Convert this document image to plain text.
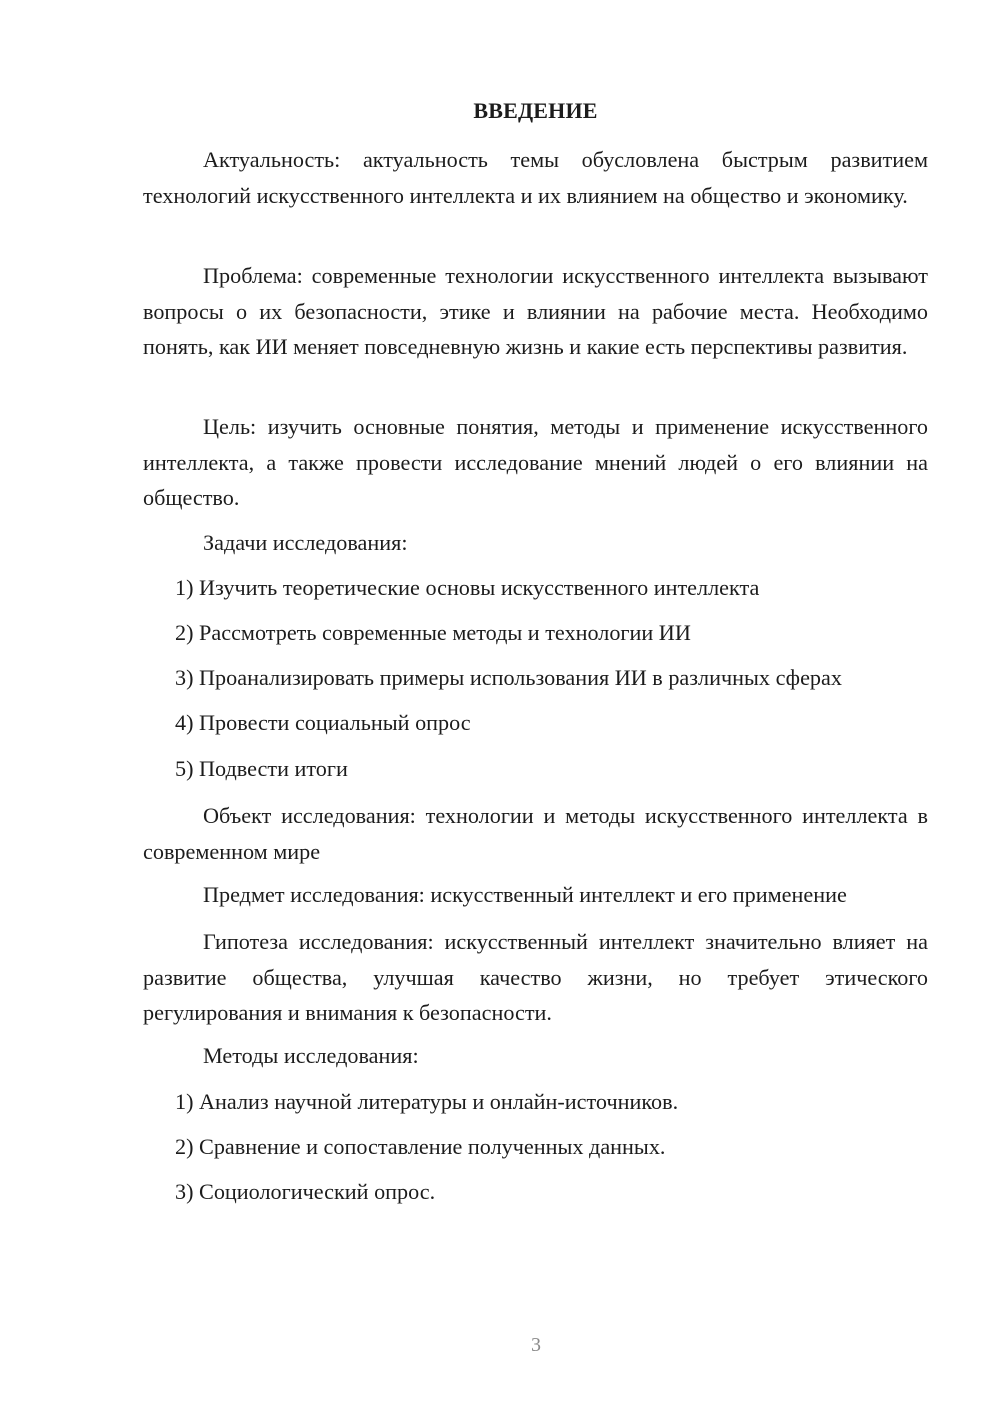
ВВЕДЕНИЕ

Актуальность: актуальность темы обусловлена быстрым развитием технологий искусственного интеллекта и их влиянием на общество и экономику.

Проблема: современные технологии искусственного интеллекта вызывают вопросы о их безопасности, этике и влиянии на рабочие места. Необходимо понять, как ИИ меняет повседневную жизнь и какие есть перспективы развития.

Цель: изучить основные понятия, методы и применение искусственного интеллекта, а также провести исследование мнений людей о его влиянии на общество.

Задачи исследования:
1) Изучить теоретические основы искусственного интеллекта
2) Рассмотреть современные методы и технологии ИИ
3) Проанализировать примеры использования ИИ в различных сферах
4) Провести социальный опрос
5) Подвести итоги

Объект исследования: технологии и методы искусственного интеллекта в современном мире

Предмет исследования: искусственный интеллект и его применение

Гипотеза исследования: искусственный интеллект значительно влияет на развитие общества, улучшая качество жизни, но требует этического регулирования и внимания к безопасности.

Методы исследования:
1) Анализ научной литературы и онлайн-источников.
2) Сравнение и сопоставление полученных данных.
3) Социологический опрос.
3
